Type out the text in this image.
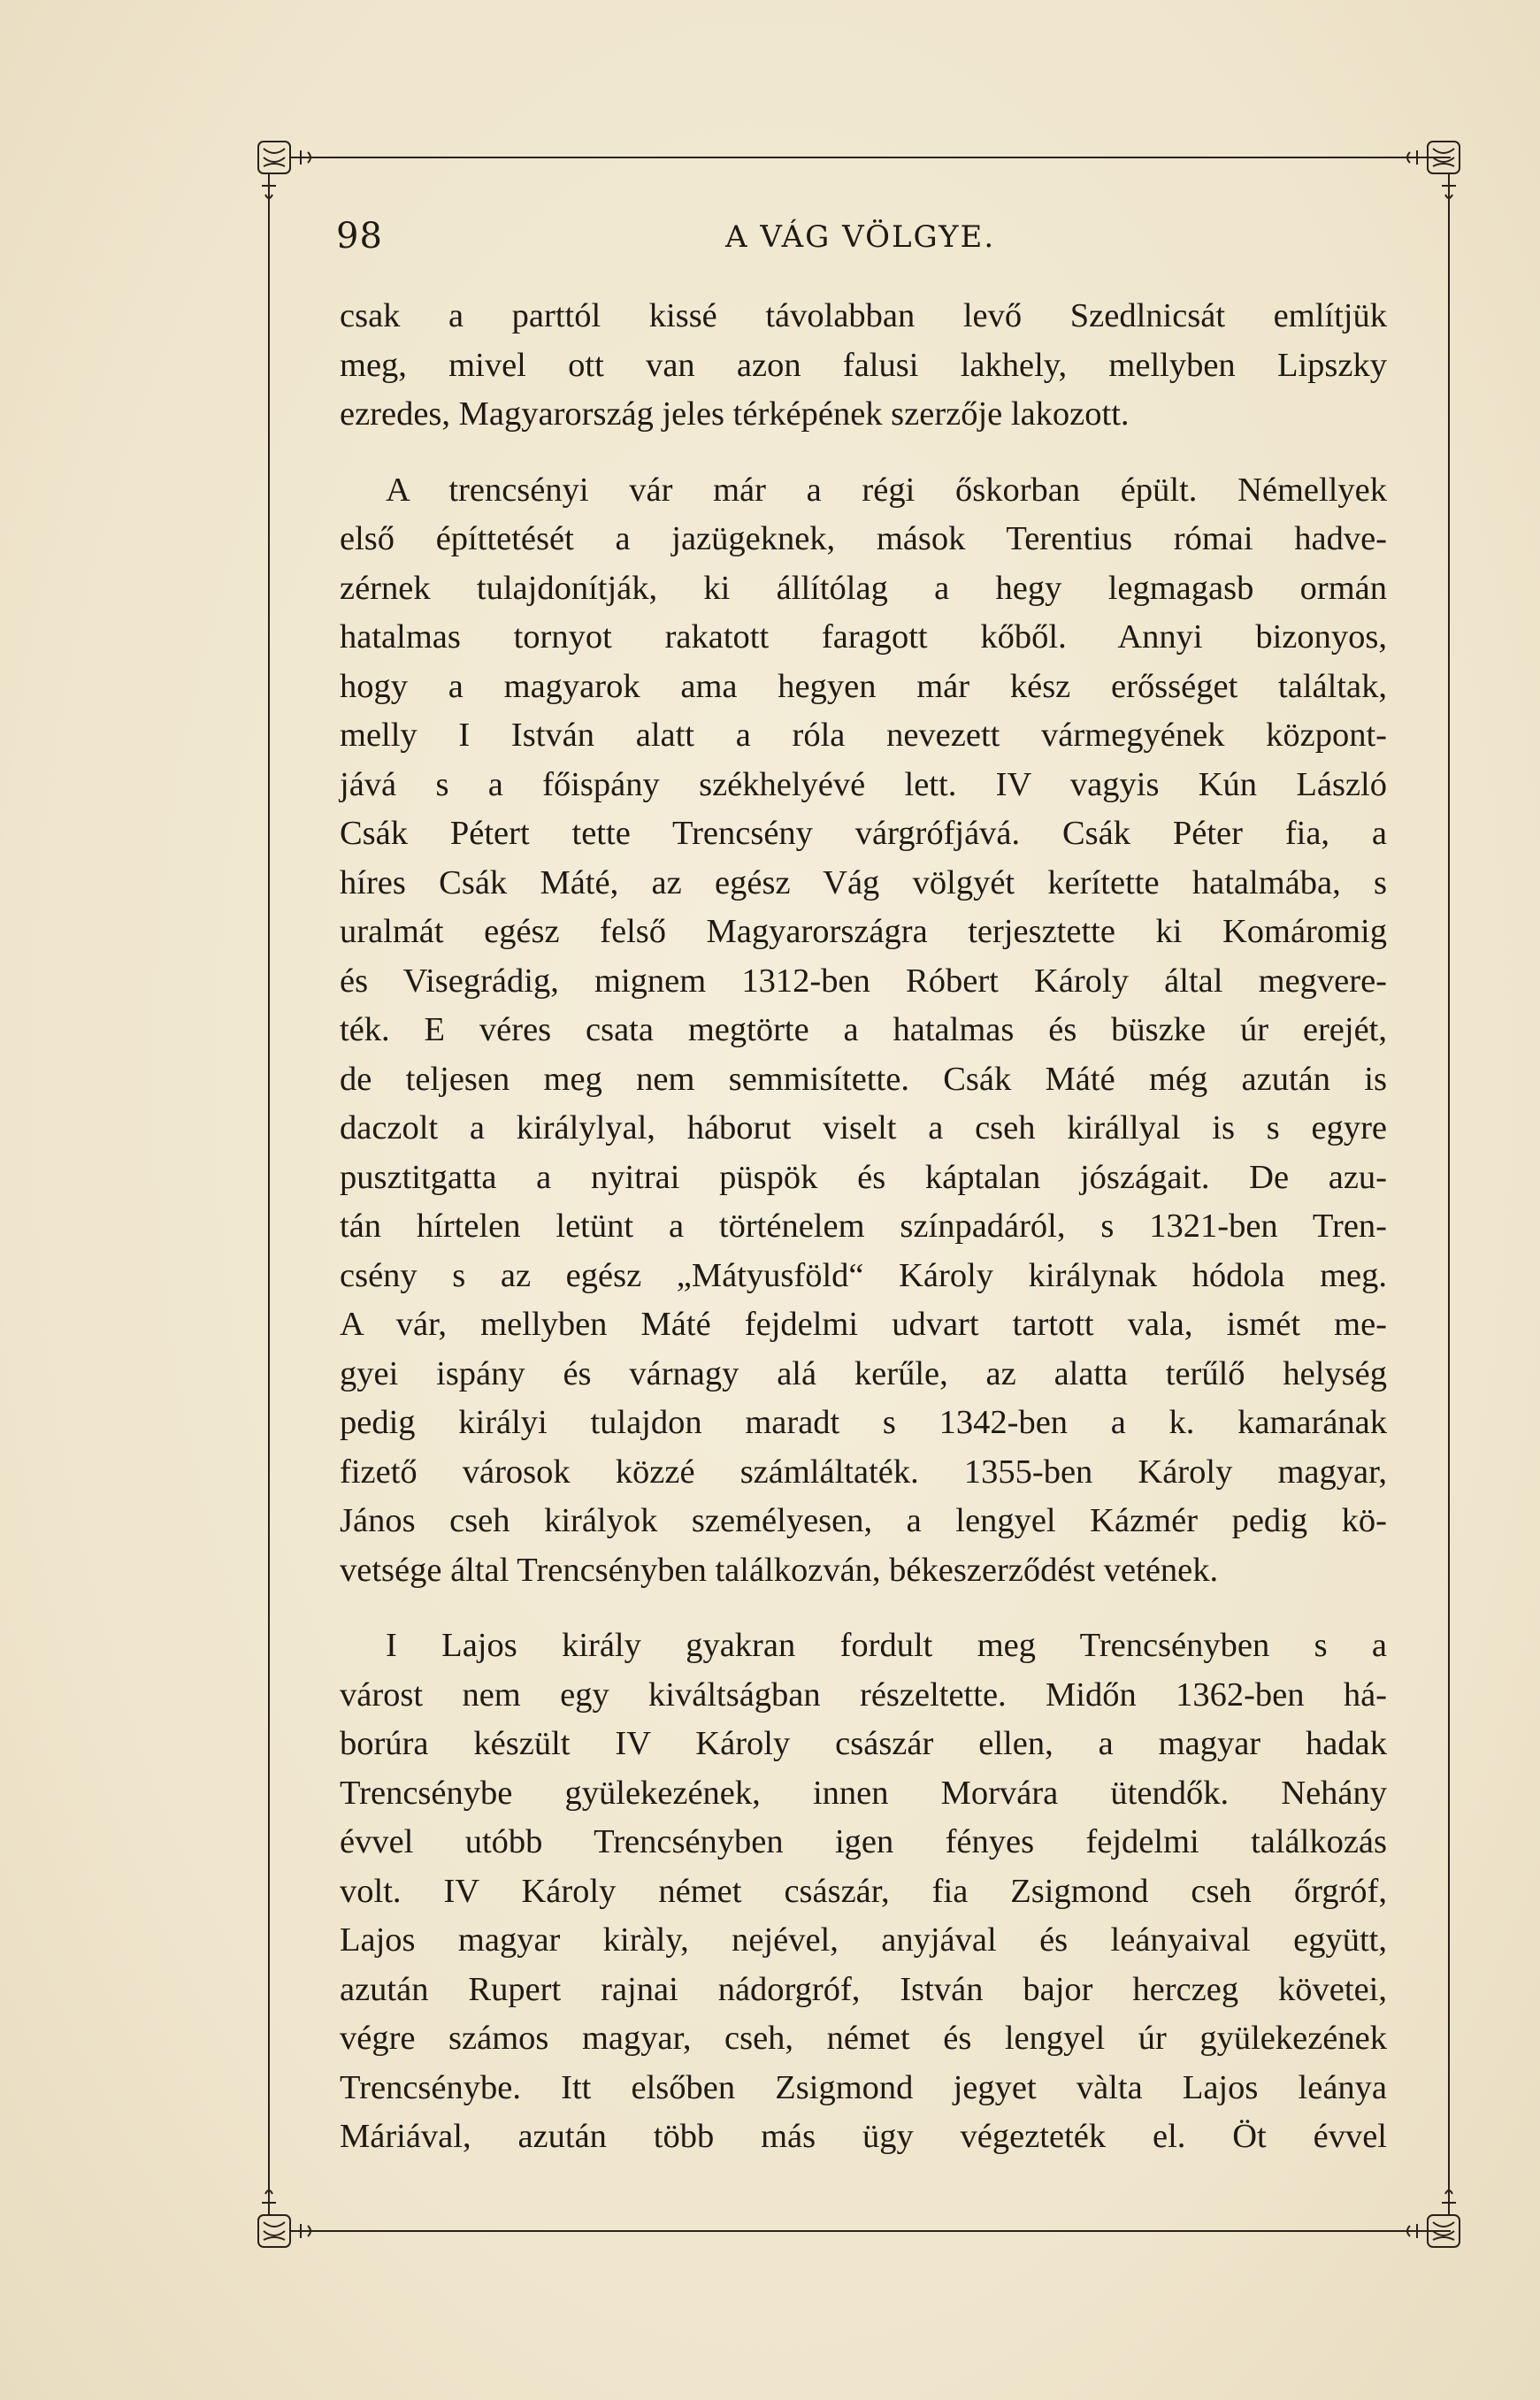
98	A VÁG VÖLGYE.
csak a parttól kissé távolabban levő Szedlnicsát említjük
meg, mivel ott van azon falusi lakhely, mellyben Lipszky
ezredes, Magyarország jeles térképének szerzője lakozott.
A trencsényi vár már a régi őskorban épült. Némellyek
első építtetését a jazügeknek, mások Terentius római hadve-
zérnek tulajdonítják, ki állítólag a hegy legmagasb ormán
hatalmas tornyot rakatott faragott kőből. Annyi bizonyos,
hogy a magyarok ama hegyen már kész erősséget találtak,
melly I István alatt a róla nevezett vármegyének központ-
jává s a főispány székhelyévé lett. IV vagyis Kún László
Csák Pétert tette Trencsény várgrófjává. Csák Péter fia, a
híres Csák Máté, az egész Vág völgyét kerítette hatalmába, s
uralmát egész felső Magyarországra terjesztette ki Komáromig
és Visegrádig, mignem 1312-ben Róbert Károly által megvere-
ték. E véres csata megtörte a hatalmas és büszke úr erejét,
de teljesen meg nem semmisítette. Csák Máté még azután is
daczolt a királylyal, háborut viselt a cseh királlyal is s egyre
pusztitgatta a nyitrai püspök és káptalan jószágait. De azu-
tán hírtelen letünt a történelem színpadáról, s 1321-ben Tren-
csény s az egész „Mátyusföld“ Károly királynak hódola meg.
A vár, mellyben Máté fejdelmi udvart tartott vala, ismét me-
gyei ispány és várnagy alá kerűle, az alatta terűlő helység
pedig királyi tulajdon maradt s 1342-ben a k. kamarának
fizető városok közzé számláltaték. 1355-ben Károly magyar,
János cseh királyok személyesen, a lengyel Kázmér pedig kö-
vetsége által Trencsényben találkozván, békeszerződést vetének.
I Lajos király gyakran fordult meg Trencsényben s a
várost nem egy kiváltságban részeltette. Midőn 1362-ben há-
borúra készült IV Károly császár ellen, a magyar hadak
Trencsénybe gyülekezének, innen Morvára ütendők. Nehány
évvel utóbb Trencsényben igen fényes fejdelmi találkozás
volt. IV Károly német császár, fia Zsigmond cseh őrgróf,
Lajos magyar kiràly, nejével, anyjával és leányaival együtt,
azután Rupert rajnai nádorgróf, István bajor herczeg követei,
végre számos magyar, cseh, német és lengyel úr gyülekezének
Trencsénybe. Itt elsőben Zsigmond jegyet vàlta Lajos leánya
Máriával, azután több más ügy végezteték el. Öt évvel
